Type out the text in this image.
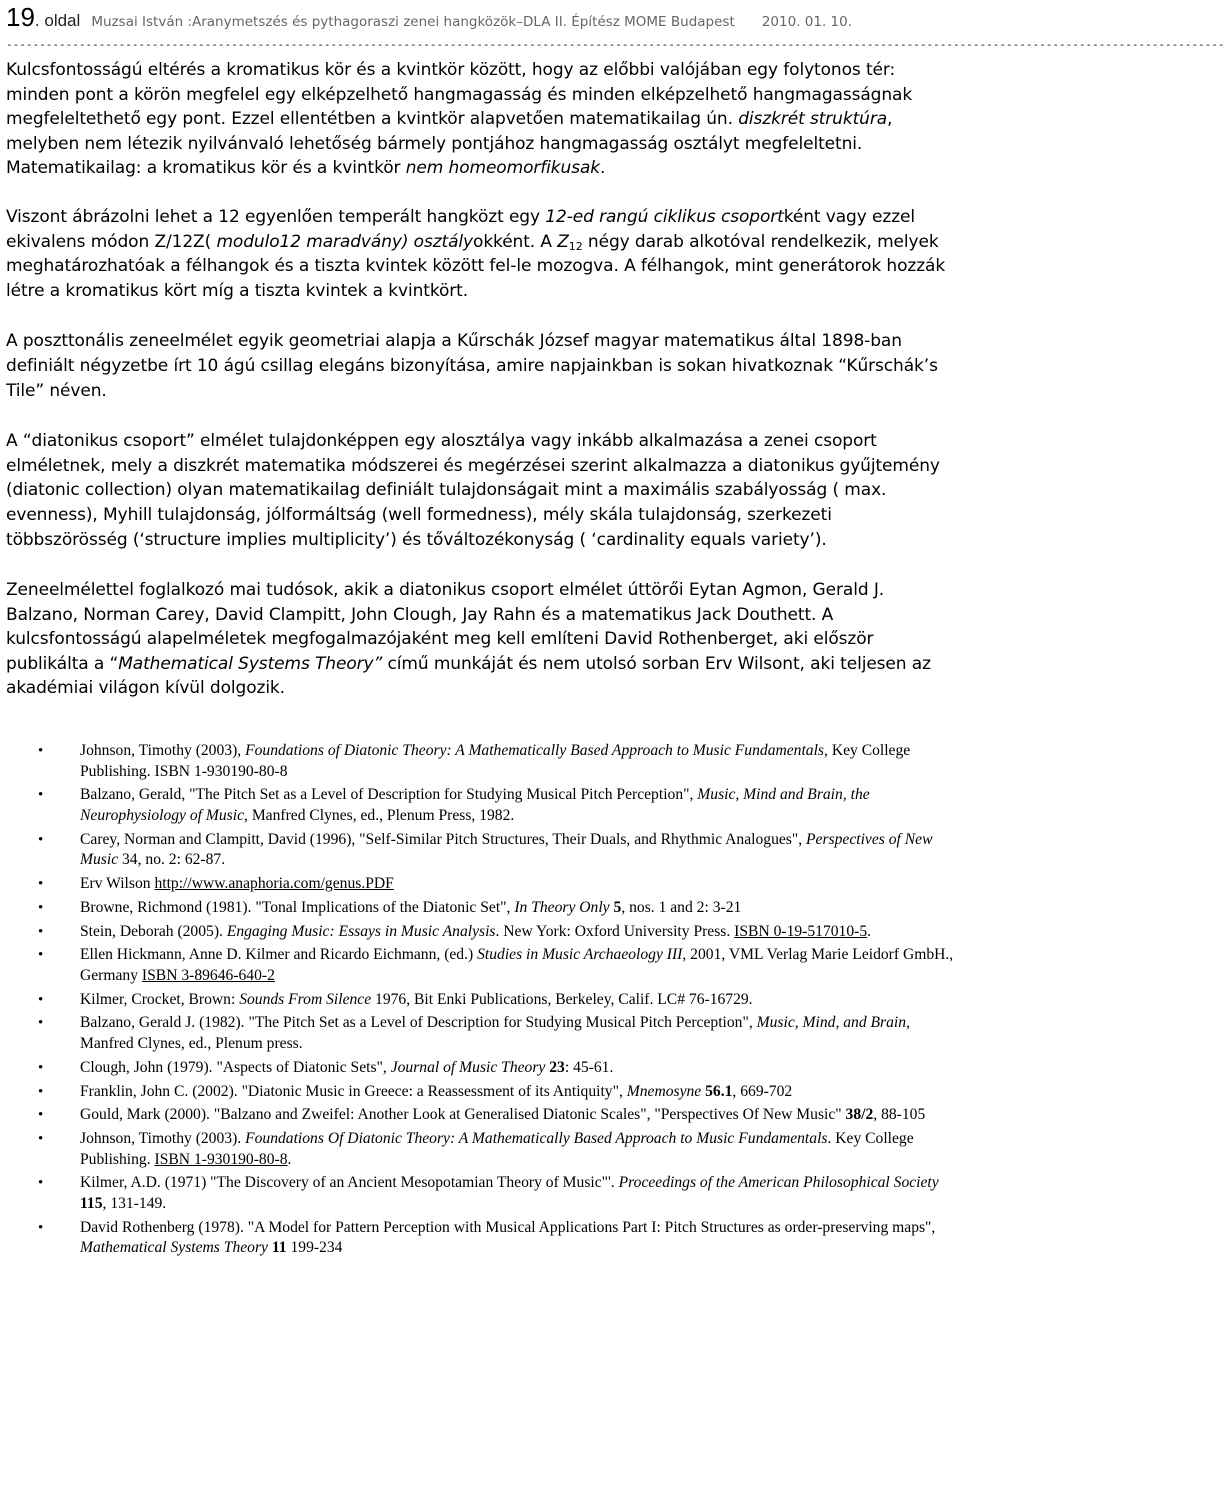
19. oldal Muzsai István :Aranymetszés és pythagoraszi zenei hangközök–DLA II. Építész MOME Budapest 2010. 01. 10.
----------------------------------------------------------------------------------------------------------------------------------------------------------------------------------------

Kulcsfontosságú eltérés a kromatikus kör és a kvintkör között, hogy az előbbi valójában egy folytonos tér: minden pont a körön megfelel egy elképzelhető hangmagasság és minden elképzelhető hangmagasságnak megfeleltethető egy pont. Ezzel ellentétben a kvintkör alapvetően matematikailag ún. diszkrét struktúra, melyben nem létezik nyilvánvaló lehetőség bármely pontjához hangmagasság osztályt megfeleltetni. Matematikailag: a kromatikus kör és a kvintkör nem homeomorfikusak.

Viszont ábrázolni lehet a 12 egyenlően temperált hangközt egy 12-ed rangú ciklikus csoportként vagy ezzel ekivalens módon Z/12Z( modulo12 maradvány) osztályokként. A $Z_{12}$ négy darab alkotóval rendelkezik, melyek meghatározhatóak a félhangok és a tiszta kvintek között fel-le mozogva. A félhangok, mint generátorok hozzák létre a kromatikus kört míg a tiszta kvintek a kvintkört.

A poszttonális zeneelmélet egyik geometriai alapja a Kűrschák József magyar matematikus által 1898-ban definiált négyzetbe írt 10 ágú csillag elegáns bizonyítása, amire napjainkban is sokan hivatkoznak “Kűrschák’s Tile” néven.

A “diatonikus csoport” elmélet tulajdonképpen egy alosztálya vagy inkább alkalmazása a zenei csoport elméletnek, mely a diszkrét matematika módszerei és megérzései szerint alkalmazza a diatonikus gyűjtemény (diatonic collection) olyan matematikailag definiált tulajdonságait mint a maximális szabályosság ( max. evenness), Myhill tulajdonság, jólformáltság (well formedness), mély skála tulajdonság, szerkezeti többszörösség (‘structure implies multiplicity’) és tőváltozékonyság ( ‘cardinality equals variety’).

Zeneelmélettel foglalkozó mai tudósok, akik a diatonikus csoport elmélet úttörői Eytan Agmon, Gerald J. Balzano, Norman Carey, David Clampitt, John Clough, Jay Rahn és a matematikus Jack Douthett. A kulcsfontosságú alapelméletek megfogalmazójaként meg kell említeni David Rothenberget, aki először publikálta a “Mathematical Systems Theory” című munkáját és nem utolsó sorban Erv Wilsont, aki teljesen az akadémiai világon kívül dolgozik.

• Johnson, Timothy (2003), Foundations of Diatonic Theory: A Mathematically Based Approach to Music Fundamentals, Key College Publishing. ISBN 1-930190-80-8
• Balzano, Gerald, "The Pitch Set as a Level of Description for Studying Musical Pitch Perception", Music, Mind and Brain, the Neurophysiology of Music, Manfred Clynes, ed., Plenum Press, 1982.
• Carey, Norman and Clampitt, David (1996), "Self-Similar Pitch Structures, Their Duals, and Rhythmic Analogues", Perspectives of New Music 34, no. 2: 62-87.
• Erv Wilson http://www.anaphoria.com/genus.PDF
• Browne, Richmond (1981). "Tonal Implications of the Diatonic Set", In Theory Only 5, nos. 1 and 2: 3-21
• Stein, Deborah (2005). Engaging Music: Essays in Music Analysis. New York: Oxford University Press. ISBN 0-19-517010-5.
• Ellen Hickmann, Anne D. Kilmer and Ricardo Eichmann, (ed.) Studies in Music Archaeology III, 2001, VML Verlag Marie Leidorf GmbH., Germany ISBN 3-89646-640-2
• Kilmer, Crocket, Brown: Sounds From Silence 1976, Bit Enki Publications, Berkeley, Calif. LC# 76-16729.
• Balzano, Gerald J. (1982). "The Pitch Set as a Level of Description for Studying Musical Pitch Perception", Music, Mind, and Brain, Manfred Clynes, ed., Plenum press.
• Clough, John (1979). "Aspects of Diatonic Sets", Journal of Music Theory 23: 45-61.
• Franklin, John C. (2002). "Diatonic Music in Greece: a Reassessment of its Antiquity", Mnemosyne 56.1, 669-702
• Gould, Mark (2000). "Balzano and Zweifel: Another Look at Generalised Diatonic Scales", "Perspectives Of New Music" 38/2, 88-105
• Johnson, Timothy (2003). Foundations Of Diatonic Theory: A Mathematically Based Approach to Music Fundamentals. Key College Publishing. ISBN 1-930190-80-8.
• Kilmer, A.D. (1971) "The Discovery of an Ancient Mesopotamian Theory of Music"'. Proceedings of the American Philosophical Society 115, 131-149.
• David Rothenberg (1978). "A Model for Pattern Perception with Musical Applications Part I: Pitch Structures as order-preserving maps", Mathematical Systems Theory 11 199-234
